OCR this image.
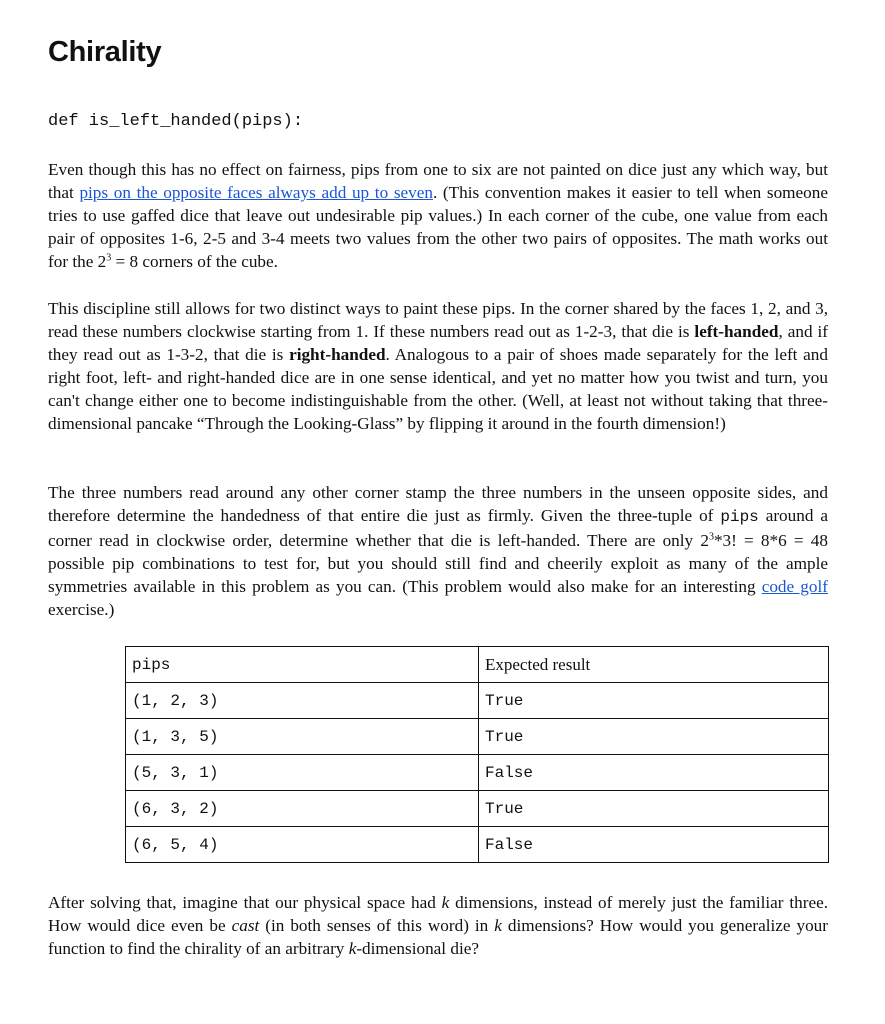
Chirality
def is_left_handed(pips):

Even though this has no effect on fairness, pips from one to six are not painted on dice just any which way, but that pips on the opposite faces always add up to seven. (This convention makes it easier to tell when someone tries to use gaffed dice that leave out undesirable pip values.) In each corner of the cube, one value from each pair of opposites 1-6, 2-5 and 3-4 meets two values from the other two pairs of opposites. The math works out for the $2^3 = 8$ corners of the cube.

This discipline still allows for two distinct ways to paint these pips. In the corner shared by the faces 1, 2, and 3, read these numbers clockwise starting from 1. If these numbers read out as 1-2-3, that die is left-handed, and if they read out as 1-3-2, that die is right-handed. Analogous to a pair of shoes made separately for the left and right foot, left- and right-handed dice are in one sense identical, and yet no matter how you twist and turn, you can't change either one to become indistinguishable from the other. (Well, at least not without taking that three-dimensional pancake “Through the Looking-Glass” by flipping it around in the fourth dimension!)

The three numbers read around any other corner stamp the three numbers in the unseen opposite sides, and therefore determine the handedness of that entire die just as firmly. Given the three-tuple of pips around a corner read in clockwise order, determine whether that die is left-handed. There are only $2^3*3$! = 8*6 = 48 possible pip combinations to test for, but you should still find and cheerily exploit as many of the ample symmetries available in this problem as you can. (This problem would also make for an interesting code golf exercise.)

pips	Expected result
(1, 2, 3)	True
(1, 3, 5)	True
(5, 3, 1)	False
(6, 3, 2)	True
(6, 5, 4)	False

After solving that, imagine that our physical space had k dimensions, instead of merely just the familiar three. How would dice even be cast (in both senses of this word) in k dimensions? How would you generalize your function to find the chirality of an arbitrary k-dimensional die?
